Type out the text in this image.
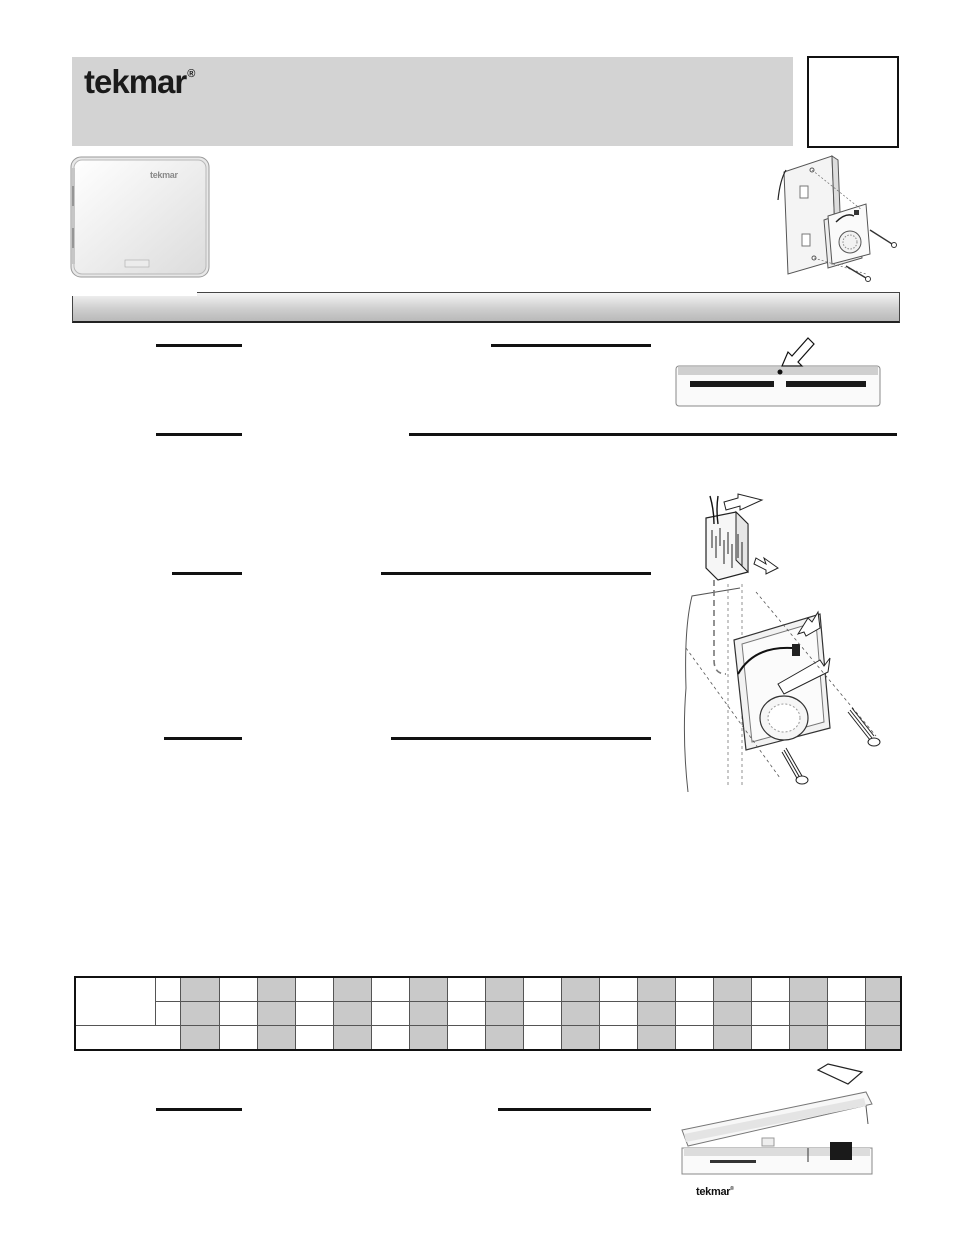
tekmar®
tekmar

tekmar®
